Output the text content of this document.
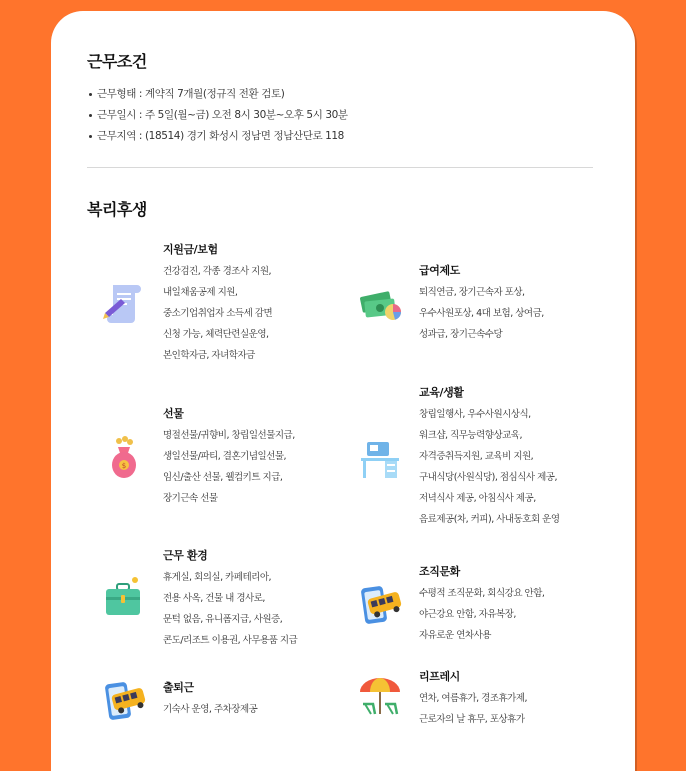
근무조건
근무형태 : 계약직 7개월(정규직 전환 검토)
근무일시 : 주 5일(월~금) 오전 8시 30분~오후 5시 30분
근무지역 : (18514) 경기 화성시 정남면 정남산단로 118
복리후생
지원금/보험
건강검진, 각종 경조사 지원,
내일채움공제 지원,
중소기업취업자 소득세 감면
신청 가능, 체력단련실운영,
본인학자금, 자녀학자금
급여제도
퇴직연금, 장기근속자 포상,
우수사원포상, 4대 보험, 상여금,
성과급, 장기근속수당
$
선물
명절선물/귀향비, 창립일선물지급,
생일선물/파티, 결혼기념일선물,
임신/출산 선물, 웰컴키트 지급,
장기근속 선물
교육/생활
창립일행사, 우수사원시상식,
워크샵, 직무능력향상교육,
자격증취득지원, 교육비 지원,
구내식당(사원식당), 점심식사 제공,
저녁식사 제공, 아침식사 제공,
음료제공(차, 커피), 사내동호회 운영
근무 환경
휴게실, 회의실, 카페테리아,
전용 사옥, 건물 내 경사로,
문턱 없음, 유니폼지급, 사원증,
콘도/리조트 이용권, 사무용품 지급
조직문화
수평적 조직문화, 회식강요 안함,
야근강요 안함, 자유복장,
자유로운 연차사용
출퇴근
기숙사 운영, 주차장제공
리프레시
연차, 여름휴가, 경조휴가제,
근로자의 날 휴무, 포상휴가
